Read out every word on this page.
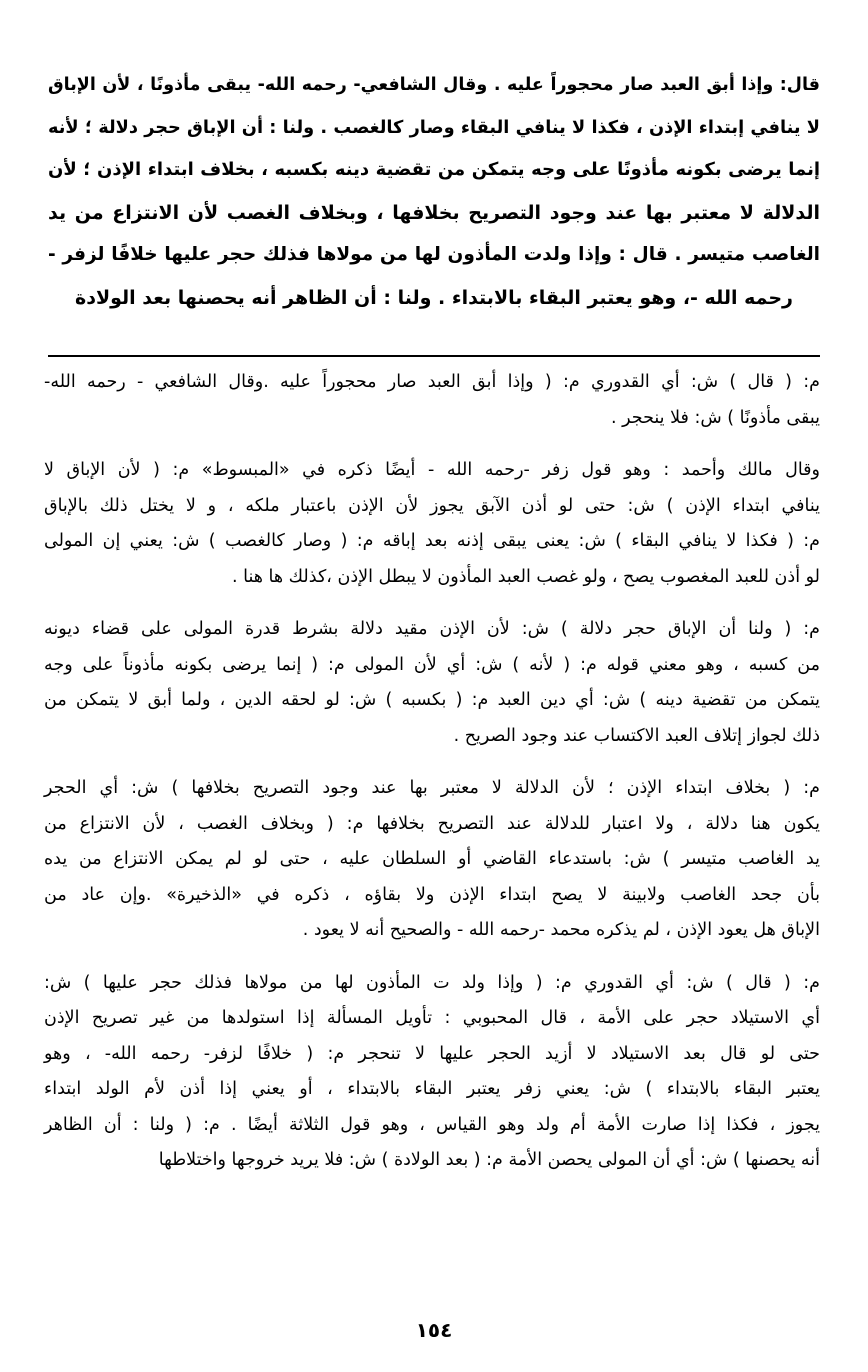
قال: وإذا أبق العبد صار محجوراً عليه . وقال الشافعي- رحمه الله- يبقى مأذونًا ، لأن الإباق
لا ينافي إبتداء الإذن ، فكذا لا ينافي البقاء وصار كالغصب . ولنا : أن الإباق حجر دلالة ؛ لأنه
إنما يرضى بكونه مأذونًا على وجه يتمكن من تقضية دينه بكسبه ، بخلاف ابتداء الإذن ؛ لأن
الدلالة لا معتبر بها عند وجود التصريح بخلافها ، وبخلاف الغصب لأن الانتزاع من يد
الغاصب متيسر . قال : وإذا ولدت المأذون لها من مولاها فذلك حجر عليها خلافًا لزفر -
رحمه الله -، وهو يعتبر البقاء بالابتداء . ولنا : أن الظاهر أنه يحصنها بعد الولادة
م: ( قال ) ش: أي القدوري م: ( وإذا أبق العبد صار محجوراً عليه .وقال الشافعي - رحمه الله-
يبقى مأذونًا ) ش: فلا ينحجر .
وقال مالك وأحمد : وهو قول زفر -رحمه الله - أيضًا ذكره في «المبسوط» م: ( لأن الإباق لا
ينافي ابتداء الإذن ) ش: حتى لو أذن الآبق يجوز لأن الإذن باعتبار ملكه ، و لا يختل ذلك بالإباق
م: ( فكذا لا ينافي البقاء ) ش: يعنى يبقى إذنه بعد إباقه م: ( وصار كالغصب ) ش: يعني إن المولى
لو أذن للعبد المغصوب يصح ، ولو غصب العبد المأذون لا يبطل الإذن ،كذلك ها هنا .
م: ( ولنا أن الإباق حجر دلالة ) ش: لأن الإذن مقيد دلالة بشرط قدرة المولى على قضاء ديونه
من كسبه ، وهو معني قوله م: ( لأنه ) ش: أي لأن المولى م: ( إنما يرضى بكونه مأذوناً على وجه
يتمكن من تقضية دينه ) ش: أي دين العبد م: ( بكسبه ) ش: لو لحقه الدين ، ولما أبق لا يتمكن من
ذلك لجواز إتلاف العبد الاكتساب عند وجود الصريح .
م: ( بخلاف ابتداء الإذن ؛ لأن الدلالة لا معتبر بها عند وجود التصريح بخلافها ) ش: أي الحجر
يكون هنا دلالة ، ولا اعتبار للدلالة عند التصريح بخلافها م: ( وبخلاف الغصب ، لأن الانتزاع من
يد الغاصب متيسر ) ش: باستدعاء القاضي أو السلطان عليه ، حتى لو لم يمكن الانتزاع من يده
بأن جحد الغاصب ولابينة لا يصح ابتداء الإذن ولا بقاؤه ، ذكره في «الذخيرة» .وإن عاد من
الإباق هل يعود الإذن ، لم يذكره محمد -رحمه الله - والصحيح أنه لا يعود .
م: ( قال ) ش: أي القدوري م: ( وإذا ولد ت المأذون لها من مولاها فذلك حجر عليها ) ش:
أي الاستيلاد حجر على الأمة ، قال المحبوبي : تأويل المسألة إذا استولدها من غير تصريح الإذن
حتى لو قال بعد الاستيلاد لا أزيد الحجر عليها لا تنحجر م: ( خلافًا لزفر- رحمه الله- ، وهو
يعتبر البقاء بالابتداء ) ش: يعني زفر يعتبر البقاء بالابتداء ، أو يعني إذا أذن لأم الولد ابتداء
يجوز ، فكذا إذا صارت الأمة أم ولد وهو القياس ، وهو قول الثلاثة أيضًا . م: ( ولنا : أن الظاهر
أنه يحصنها ) ش: أي أن المولى يحصن الأمة م: ( بعد الولادة ) ش: فلا يريد خروجها واختلاطها
١٥٤
